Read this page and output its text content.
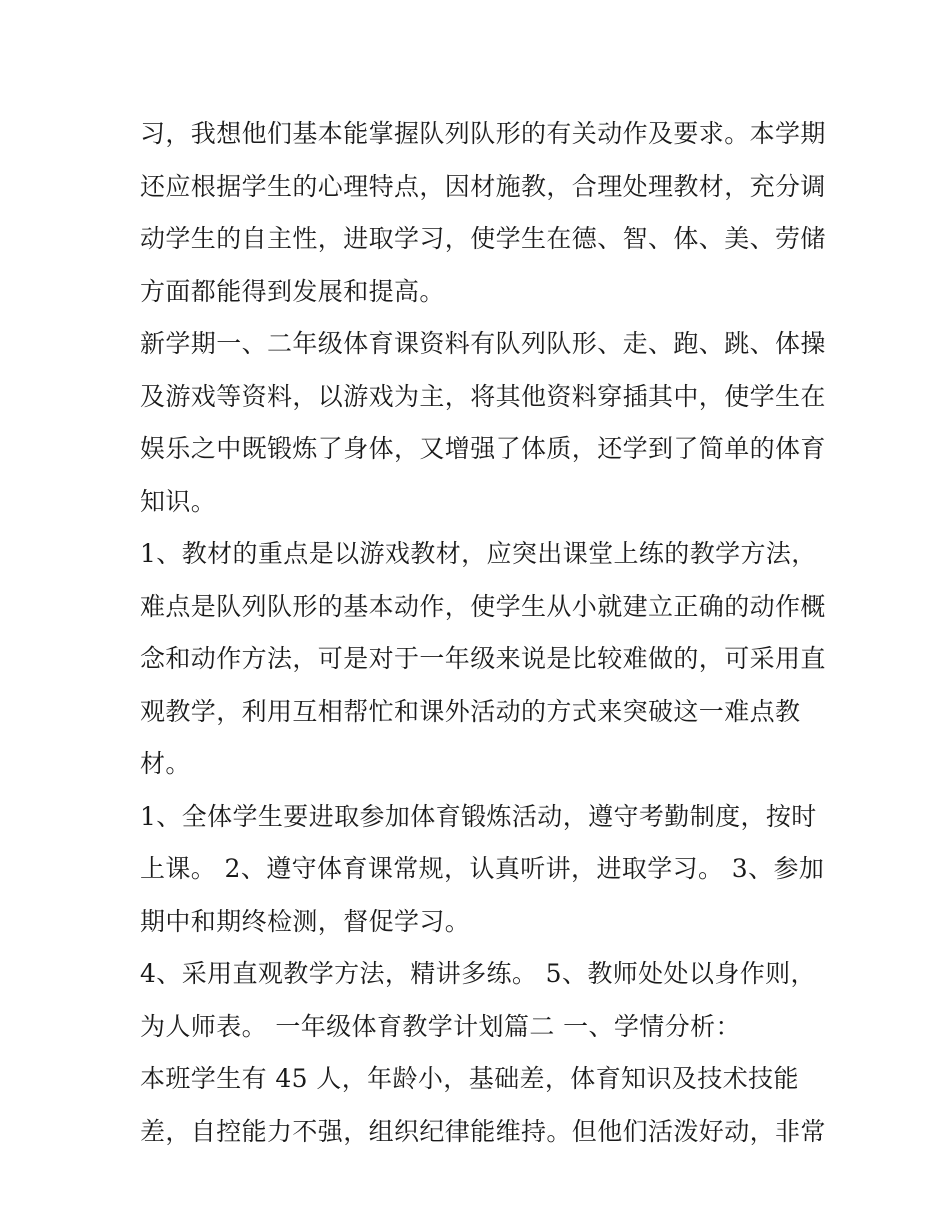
习，我想他们基本能掌握队列队形的有关动作及要求。本学期
还应根据学生的心理特点，因材施教，合理处理教材，充分调
动学生的自主性，进取学习，使学生在德、智、体、美、劳储
方面都能得到发展和提高。
新学期一、二年级体育课资料有队列队形、走、跑、跳、体操
及游戏等资料，以游戏为主，将其他资料穿插其中，使学生在
娱乐之中既锻炼了身体，又增强了体质，还学到了简单的体育
知识。
1、教材的重点是以游戏教材，应突出课堂上练的教学方法，
难点是队列队形的基本动作，使学生从小就建立正确的动作概
念和动作方法，可是对于一年级来说是比较难做的，可采用直
观教学，利用互相帮忙和课外活动的方式来突破这一难点教
材。
1、全体学生要进取参加体育锻炼活动，遵守考勤制度，按时
上课。 2、遵守体育课常规，认真听讲，进取学习。 3、参加
期中和期终检测，督促学习。
4、采用直观教学方法，精讲多练。 5、教师处处以身作则，
为人师表。 一年级体育教学计划篇二 一、学情分析：
本班学生有 45 人，年龄小，基础差，体育知识及技术技能
差，自控能力不强，组织纪律能维持。但他们活泼好动，非常
